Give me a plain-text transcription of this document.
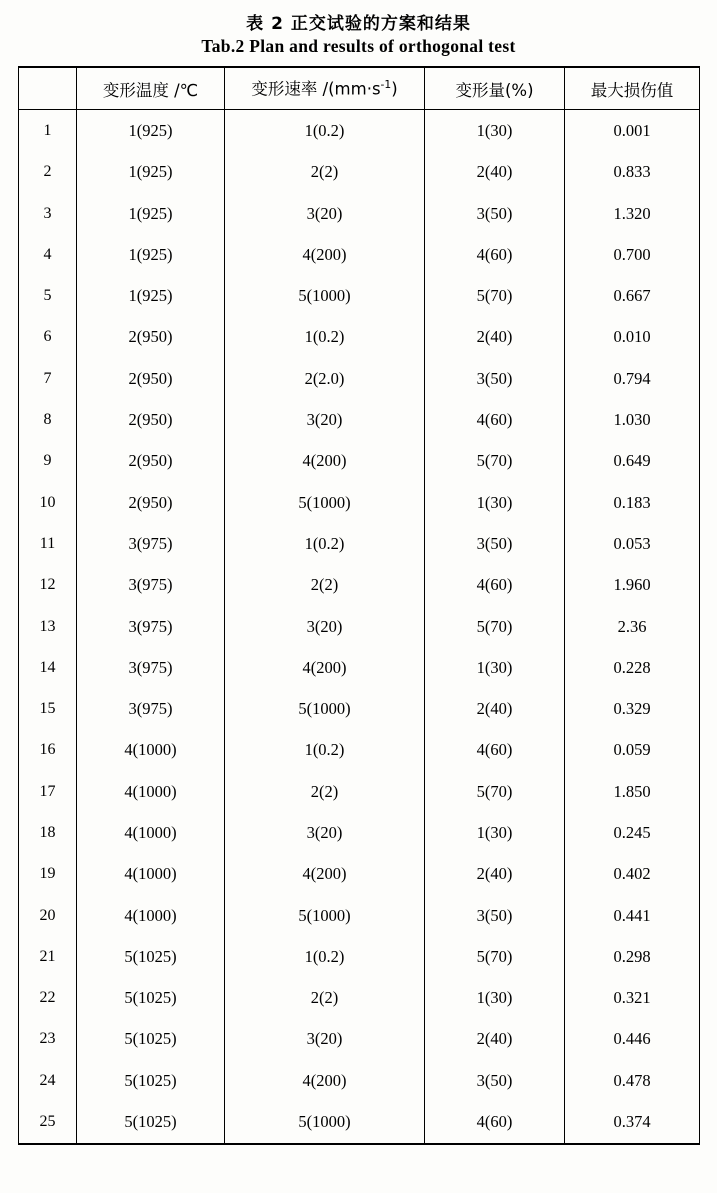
表 2 正交试验的方案和结果
Tab.2 Plan and results of orthogonal test
	变形温度 /℃	变形速率 $/(mm\cdot s^{-1})$	变形量(%)	最大损伤值
1	1(925)	1(0.2)	1(30)	0.001
2	1(925)	2(2)	2(40)	0.833
3	1(925)	3(20)	3(50)	1.320
4	1(925)	4(200)	4(60)	0.700
5	1(925)	5(1000)	5(70)	0.667
6	2(950)	1(0.2)	2(40)	0.010
7	2(950)	2(2.0)	3(50)	0.794
8	2(950)	3(20)	4(60)	1.030
9	2(950)	4(200)	5(70)	0.649
10	2(950)	5(1000)	1(30)	0.183
11	3(975)	1(0.2)	3(50)	0.053
12	3(975)	2(2)	4(60)	1.960
13	3(975)	3(20)	5(70)	2.36
14	3(975)	4(200)	1(30)	0.228
15	3(975)	5(1000)	2(40)	0.329
16	4(1000)	1(0.2)	4(60)	0.059
17	4(1000)	2(2)	5(70)	1.850
18	4(1000)	3(20)	1(30)	0.245
19	4(1000)	4(200)	2(40)	0.402
20	4(1000)	5(1000)	3(50)	0.441
21	5(1025)	1(0.2)	5(70)	0.298
22	5(1025)	2(2)	1(30)	0.321
23	5(1025)	3(20)	2(40)	0.446
24	5(1025)	4(200)	3(50)	0.478
25	5(1025)	5(1000)	4(60)	0.374
